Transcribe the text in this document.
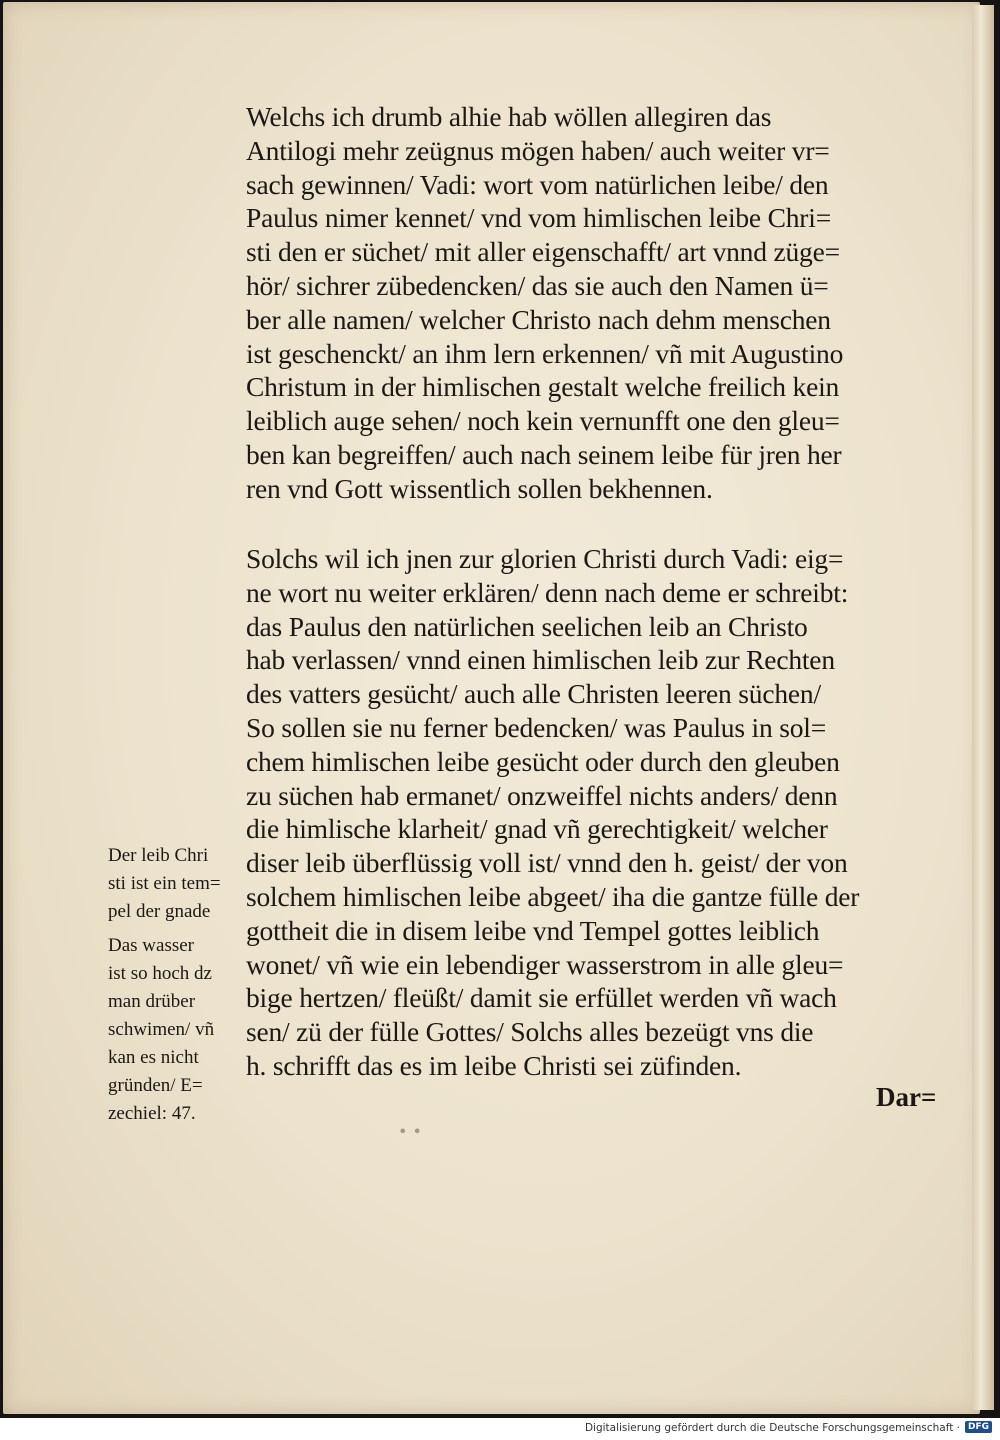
• •
Welchs ich drumb alhie hab wöllen allegiren das
Antilogi mehr zeügnus mögen haben/ auch weiter vr=
sach gewinnen/ Vadi: wort vom natürlichen leibe/ den
Paulus nimer kennet/ vnd vom himlischen leibe Chri=
sti den er süchet/ mit aller eigenschafft/ art vnnd züge=
hör/ sichrer zübedencken/ das sie auch den Namen ü=
ber alle namen/ welcher Christo nach dehm menschen
ist geschenckt/ an ihm lern erkennen/ vñ mit Augustino
Christum in der himlischen gestalt welche freilich kein
leiblich auge sehen/ noch kein vernunfft one den gleu=
ben kan begreiffen/ auch nach seinem leibe für jren her
ren vnd Gott wissentlich sollen bekhennen.
Solchs wil ich jnen zur glorien Christi durch Vadi: eig=
ne wort nu weiter erklären/ denn nach deme er schreibt:
das Paulus den natürlichen seelichen leib an Christo
hab verlassen/ vnnd einen himlischen leib zur Rechten
des vatters gesücht/ auch alle Christen leeren süchen/
So sollen sie nu ferner bedencken/ was Paulus in sol=
chem himlischen leibe gesücht oder durch den gleuben
zu süchen hab ermanet/ onzweiffel nichts anders/ denn
die himlische klarheit/ gnad vñ gerechtigkeit/ welcher
diser leib überflüssig voll ist/ vnnd den h. geist/ der von
solchem himlischen leibe abgeet/ iha die gantze fülle der
gottheit die in disem leibe vnd Tempel gottes leiblich
wonet/ vñ wie ein lebendiger wasserstrom in alle gleu=
bige hertzen/ fleüßt/ damit sie erfüllet werden vñ wach
sen/ zü der fülle Gottes/ Solchs alles bezeügt vns die
h. schrifft das es im leibe Christi sei züfinden.
Der leib Chri
sti ist ein tem=
pel der gnade
Das wasser
ist so hoch dz
man drüber
schwimen/ vñ
kan es nicht
gründen/ E=
zechiel: 47.
Dar=
Digitalisierung gefördert durch die Deutsche Forschungsgemeinschaft · DFG
